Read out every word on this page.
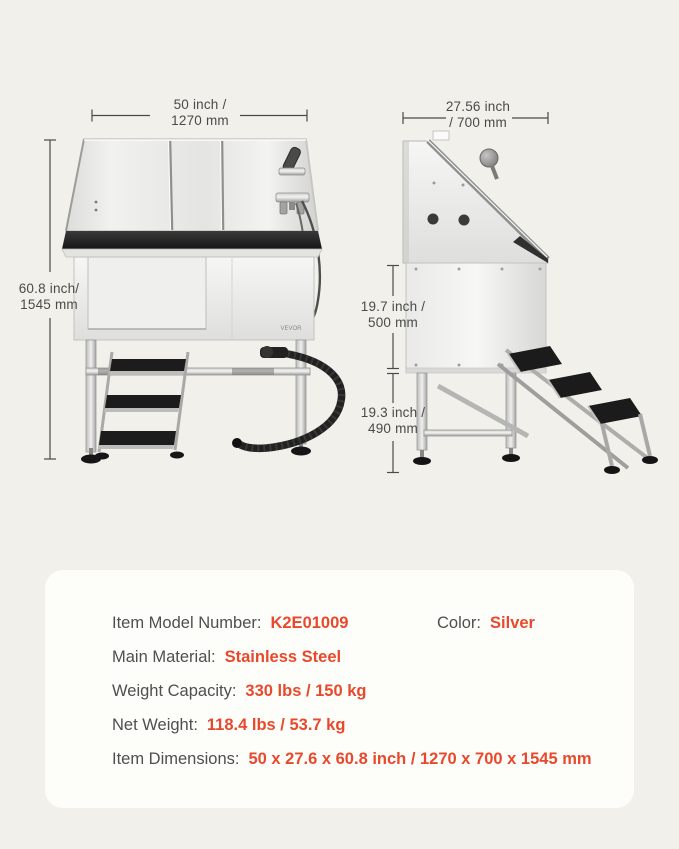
VEVOR
50 inch /
1270 mm
27.56 inch
/ 700 mm
60.8 inch/
1545 mm	19.7 inch /
500 mm
19.3 inch /
490 mm
Item Model Number: K2E01009	Color: Silver
Main Material: Stainless Steel
Weight Capacity: 330 lbs / 150 kg
Net Weight: 118.4 lbs / 53.7 kg
Item Dimensions: 50 x 27.6 x 60.8 inch / 1270 x 700 x 1545 mm
